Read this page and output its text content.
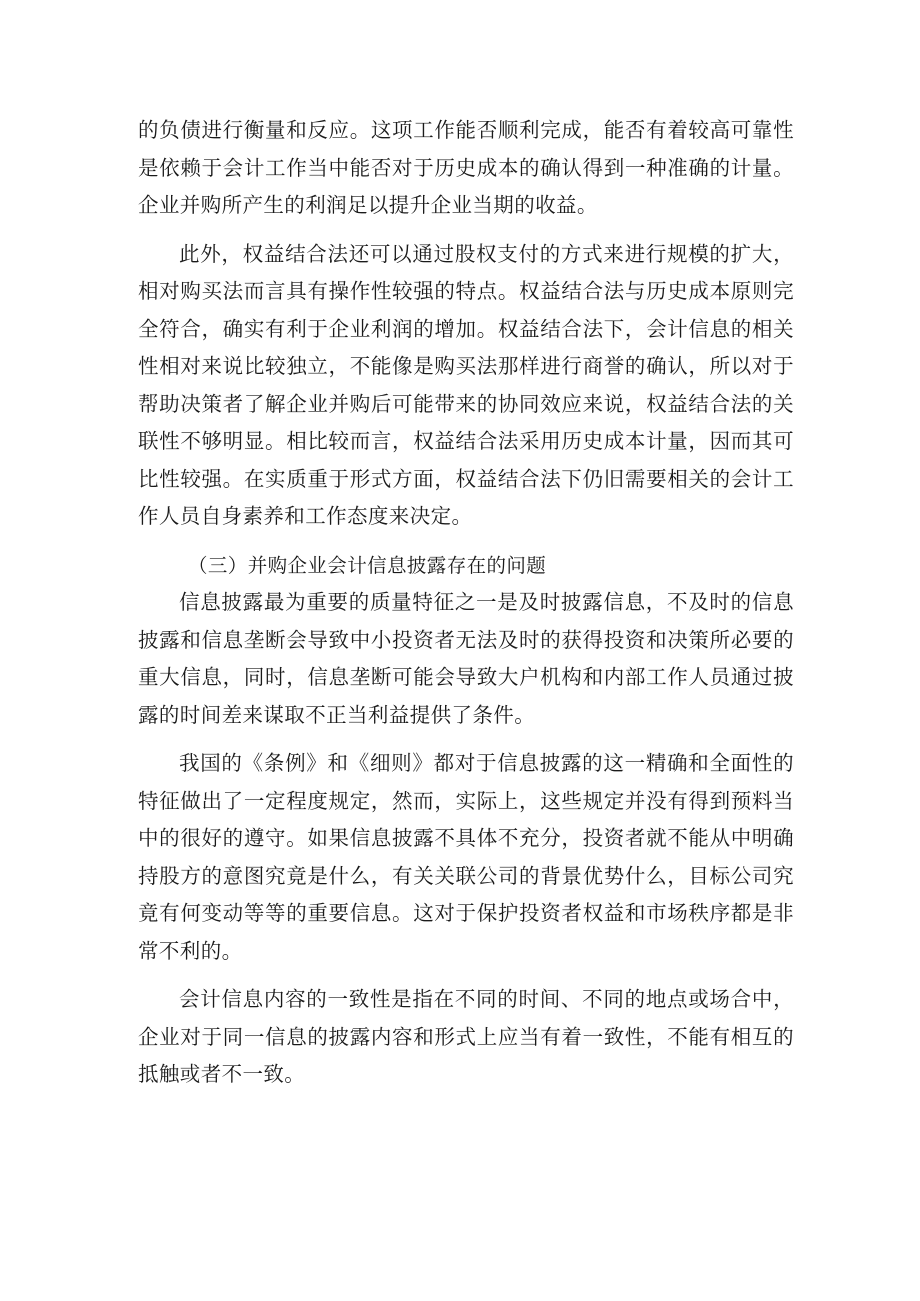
的负债进行衡量和反应。这项工作能否顺利完成，能否有着较高可靠性是依赖于会计工作当中能否对于历史成本的确认得到一种准确的计量。企业并购所产生的利润足以提升企业当期的收益。

此外，权益结合法还可以通过股权支付的方式来进行规模的扩大，相对购买法而言具有操作性较强的特点。权益结合法与历史成本原则完全符合，确实有利于企业利润的增加。权益结合法下，会计信息的相关性相对来说比较独立，不能像是购买法那样进行商誉的确认，所以对于帮助决策者了解企业并购后可能带来的协同效应来说，权益结合法的关联性不够明显。相比较而言，权益结合法采用历史成本计量，因而其可比性较强。在实质重于形式方面，权益结合法下仍旧需要相关的会计工作人员自身素养和工作态度来决定。

（三）并购企业会计信息披露存在的问题

信息披露最为重要的质量特征之一是及时披露信息，不及时的信息披露和信息垄断会导致中小投资者无法及时的获得投资和决策所必要的重大信息，同时，信息垄断可能会导致大户机构和内部工作人员通过披露的时间差来谋取不正当利益提供了条件。

我国的《条例》和《细则》都对于信息披露的这一精确和全面性的特征做出了一定程度规定，然而，实际上，这些规定并没有得到预料当中的很好的遵守。如果信息披露不具体不充分，投资者就不能从中明确持股方的意图究竟是什么，有关关联公司的背景优势什么，目标公司究竟有何变动等等的重要信息。这对于保护投资者权益和市场秩序都是非常不利的。

会计信息内容的一致性是指在不同的时间、不同的地点或场合中，企业对于同一信息的披露内容和形式上应当有着一致性，不能有相互的抵触或者不一致。
